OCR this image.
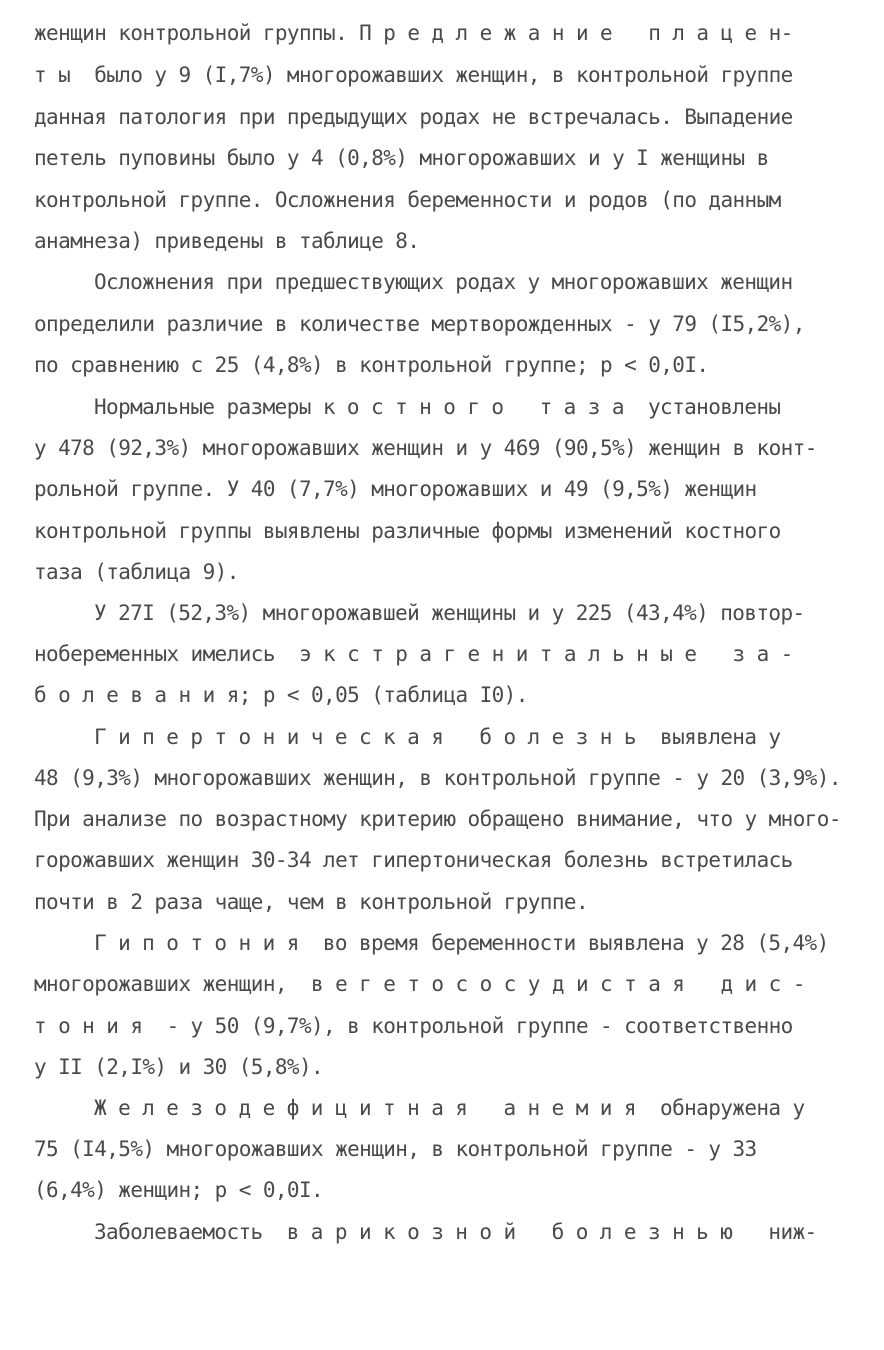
женщин контрольной группы. П р е д л е ж а н и е   п л а ц е н-
т ы  было у 9 (I,7%) многорожавших женщин, в контрольной группе
данная патология при предыдущих родах не встречалась. Выпадение
петель пуповины было у 4 (0,8%) многорожавших и у I женщины в
контрольной группе. Осложнения беременности и родов (по данным
анамнеза) приведены в таблице 8.
Осложнения при предшествующих родах у многорожавших женщин
определили различие в количестве мертворожденных - у 79 (I5,2%),
по сравнению с 25 (4,8%) в контрольной группе; p < 0,0I.
Нормальные размеры к о с т н о г о   т а з а  установлены
у 478 (92,3%) многорожавших женщин и у 469 (90,5%) женщин в конт-
рольной группе. У 40 (7,7%) многорожавших и 49 (9,5%) женщин
контрольной группы выявлены различные формы изменений костного
таза (таблица 9).
У 27I (52,3%) многорожавшей женщины и у 225 (43,4%) повтор-
нобеременных имелись  э к с т р а г е н и т а л ь н ы е   з а -
б о л е в а н и я; p < 0,05 (таблица I0).
Г и п е р т о н и ч е с к а я   б о л е з н ь  выявлена у
48 (9,3%) многорожавших женщин, в контрольной группе - у 20 (3,9%).
При анализе по возрастному критерию обращено внимание, что у много-
горожавших женщин 30-34 лет гипертоническая болезнь встретилась
почти в 2 раза чаще, чем в контрольной группе.
Г и п о т о н и я  во время беременности выявлена у 28 (5,4%)
многорожавших женщин,  в е г е т о с о с у д и с т а я   д и с -
т о н и я  - у 50 (9,7%), в контрольной группе - соответственно
у II (2,I%) и 30 (5,8%).
Ж е л е з о д е ф и ц и т н а я   а н е м и я  обнаружена у
75 (I4,5%) многорожавших женщин, в контрольной группе - у 33
(6,4%) женщин; p < 0,0I.
Заболеваемость  в а р и к о з н о й   б о л е з н ь ю   ниж-
